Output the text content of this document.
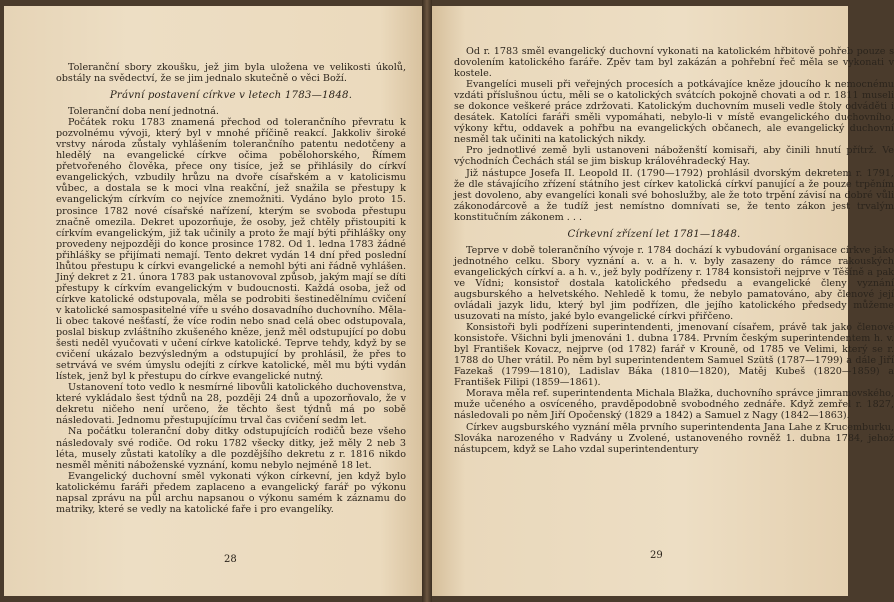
Toleranční sbory zkoušku, jež jim byla uložena ve velikosti úkolů, obstály na svědectví, že se jim jednalo skutečně o věci Boží.

Právní postavení církve v letech 1783—1848.

Toleranční doba není jednotná.

Počátek roku 1783 znamená přechod od tolerančního převratu k pozvolnému vývoji, který byl v mnohé příčině reakcí. Jakkoliv široké vrstvy národa zůstaly vyhlášením tolerančního patentu nedotčeny a hledělý na evangelické církve očima pobělohorského, Římem přetvořeného člověka, přece ony tisíce, jež se přihlásily do církví evangelických, vzbudily hrůzu na dvoře císařském a v katolicismu vůbec, a dostala se k moci vlna reakční, jež snažila se přestupy k evangelickým církvím co nejvíce znemožniti. Vydáno bylo proto 15. prosince 1782 nové císařské nařízení, kterým se svoboda přestupu značně omezila. Dekret upozorňuje, že osoby, jež chtěly přistoupiti k církvím evangelickým, již tak učinily a proto že mají býti přihlášky ony provedeny nejpozději do konce prosince 1782. Od 1. ledna 1783 žádné přihlášky se přijímati nemají. Tento dekret vydán 14 dní před poslední lhůtou přestupu k církvi evangelické a nemohl býti ani řádně vyhlášen. Jiný dekret z 21. února 1783 pak ustanovoval způsob, jakým mají se díti přestupy k církvím evangelickým v budoucnosti. Každá osoba, jež od církve katolické odstupovala, měla se podrobiti šestinedělnímu cvičení v katolické samospasitelné víře u svého dosavadního duchovního. Měla-li obec takové nešťastí, že více rodin nebo snad celá obec odstupovala, poslal biskup zvláštního zkušeného kněze, jenž měl odstupující po dobu šesti neděl vyučovati v učení církve katolické. Teprve tehdy, když by se cvičení ukázalo bezvýsledným a odstupující by prohlásil, že přes to setrvává ve svém úmyslu odejíti z církve katolické, měl mu býti vydán lístek, jenž byl k přestupu do církve evangelické nutný.

Ustanovení toto vedlo k nesmírné libovůli katolického duchovenstva, které vykládalo šest týdnů na 28, později 24 dnů a upozorňovalo, že v dekretu ničeho není určeno, že těchto šest týdnů má po sobě následovati. Jednomu přestupujícímu trval čas cvičení sedm let.

Na počátku toleranční doby ditky odstupujících rodičů beze všeho následovaly své rodiče. Od roku 1782 všecky ditky, jež měly 2 neb 3 léta, musely zůstati katolíky a dle pozdějšího dekretu z r. 1816 nikdo nesměl měniti náboženské vyznání, komu nebylo nejméně 18 let.

Evangelický duchovní směl vykonati výkon církevní, jen když bylo katolickému faráři předem zaplaceno a evangelický farář po výkonu napsal zprávu na půl archu napsanou o výkonu samém k záznamu do matriky, které se vedly na katolické faře i pro evangelíky.

28

Od r. 1783 směl evangelický duchovní vykonati na katolickém hřbitově pohřeb pouze s dovolením katolického faráře. Zpěv tam byl zakázán a pohřební řeč měla se vykonati v kostele.

Evangelíci museli při veřejných procesích a potkávajíce kněze jdoucího k nemocnému vzdáti příslušnou úctu, měli se o katolických svátcích pokojně chovati a od r. 1811 museli se dokonce veškeré práce zdržovati. Katolickým duchovním museli vedle štoly odváděti i desátek. Katolíci faráři směli vypomáhati, nebylo-li v místě evangelického duchovního, výkony křtu, oddavek a pohřbu na evangelických občanech, ale evangelický duchovní nesměl tak učiniti na katolických nikdy.

Pro jednotlivé země byli ustanoveni náboženští komisaři, aby činili hnutí přítrž. Ve východních Čechách stál se jim biskup královéhradecký Hay.

Již nástupce Josefa II. Leopold II. (1790—1792) prohlásil dvorským dekretem r. 1791, že dle stávajícího zřízení státního jest církev katolická církví panující a že pouze trpěním jest dovoleno, aby evangelíci konali své bohoslužby, ale že toto trpění závisí na dobré vůli zákonodárcově a že tudíž jest nemístno domnívati se, že tento zákon jest trvalým konstitučním zákonem . . .

Církevní zřízení let 1781—1848.

Teprve v době tolerančního vývoje r. 1784 dochází k vybudování organisace církve jako jednotného celku. Sbory vyznání a. v. a h. v. byly zasazeny do rámce rakouských evangelických církví a. a h. v., jež byly podřízeny r. 1784 konsistoři nejprve v Těšíně a pak ve Vídni; konsistoř dostala katolického předsedu a evangelické členy vyznání augsburského a helvetského. Nehledě k tomu, že nebylo pamatováno, aby členové její ovládali jazyk lidu, který byl jim podřízen, dle jejího katolického předsedy můžeme usuzovati na místo, jaké bylo evangelické církvi přiřčeno.

Konsistoři byli podřízeni superintendenti, jmenovaní císařem, právě tak jako členové konsistoře. Všichni byli jmenováni 1. dubna 1784. Prvním českým superintendentem h. v. byl František Kovacz, nejprve (od 1782) farář v Krouně, od 1785 ve Velimi, který se r. 1788 do Uher vrátil. Po něm byl superintendentem Samuel Szütš (1787—1799) a dále Jiří Fazekaš (1799—1810), Ladislav Báka (1810—1820), Matěj Kubeš (1820—1859) a František Filipi (1859—1861).

Morava měla ref. superintendenta Michala Blažka, duchovního správce jimramovského, muže učeného a osvíceného, pravděpodobně svobodného zednáře. Když zemřel r. 1827, následovali po něm Jiří Opočenský (1829 a 1842) a Samuel z Nagy (1842—1863).

Církev augsburského vyznání měla prvního superintendenta Jana Lahe z Krucemburku, Slováka narozeného v Radvány u Zvolené, ustanoveného rovněž 1. dubna 1784, jehož nástupcem, když se Laho vzdal superintendentury

29
